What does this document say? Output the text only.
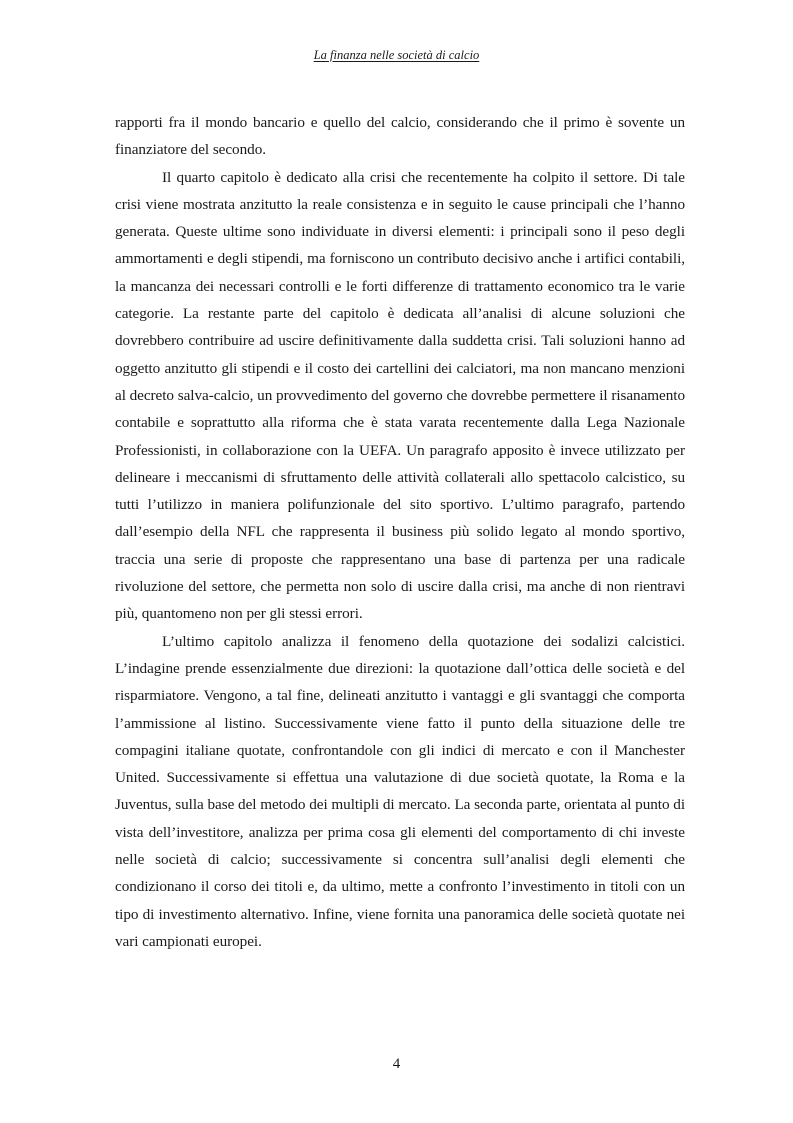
La finanza nelle società di calcio

rapporti fra il mondo bancario e quello del calcio, considerando che il primo è sovente un finanziatore del secondo.

Il quarto capitolo è dedicato alla crisi che recentemente ha colpito il settore. Di tale crisi viene mostrata anzitutto la reale consistenza e in seguito le cause principali che l’hanno generata. Queste ultime sono individuate in diversi elementi: i principali sono il peso degli ammortamenti e degli stipendi, ma forniscono un contributo decisivo anche i artifici contabili, la mancanza dei necessari controlli e le forti differenze di trattamento economico tra le varie categorie. La restante parte del capitolo è dedicata all’analisi di alcune soluzioni che dovrebbero contribuire ad uscire definitivamente dalla suddetta crisi. Tali soluzioni hanno ad oggetto anzitutto gli stipendi e il costo dei cartellini dei calciatori, ma non mancano menzioni al decreto salva-calcio, un provvedimento del governo che dovrebbe permettere il risanamento contabile e soprattutto alla riforma che è stata varata recentemente dalla Lega Nazionale Professionisti, in collaborazione con la UEFA. Un paragrafo apposito è invece utilizzato per delineare i meccanismi di sfruttamento delle attività collaterali allo spettacolo calcistico, su tutti l’utilizzo in maniera polifunzionale del sito sportivo. L’ultimo paragrafo, partendo dall’esempio della NFL che rappresenta il business più solido legato al mondo sportivo, traccia una serie di proposte che rappresentano una base di partenza per una radicale rivoluzione del settore, che permetta non solo di uscire dalla crisi, ma anche di non rientravi più, quantomeno non per gli stessi errori.

L’ultimo capitolo analizza il fenomeno della quotazione dei sodalizi calcistici. L’indagine prende essenzialmente due direzioni: la quotazione dall’ottica delle società e del risparmiatore. Vengono, a tal fine, delineati anzitutto i vantaggi e gli svantaggi che comporta l’ammissione al listino. Successivamente viene fatto il punto della situazione delle tre compagini italiane quotate, confrontandole con gli indici di mercato e con il Manchester United. Successivamente si effettua una valutazione di due società quotate, la Roma e la Juventus, sulla base del metodo dei multipli di mercato. La seconda parte, orientata al punto di vista dell’investitore, analizza per prima cosa gli elementi del comportamento di chi investe nelle società di calcio; successivamente si concentra sull’analisi degli elementi che condizionano il corso dei titoli e, da ultimo, mette a confronto l’investimento in titoli con un tipo di investimento alternativo. Infine, viene fornita una panoramica delle società quotate nei vari campionati europei.

4
